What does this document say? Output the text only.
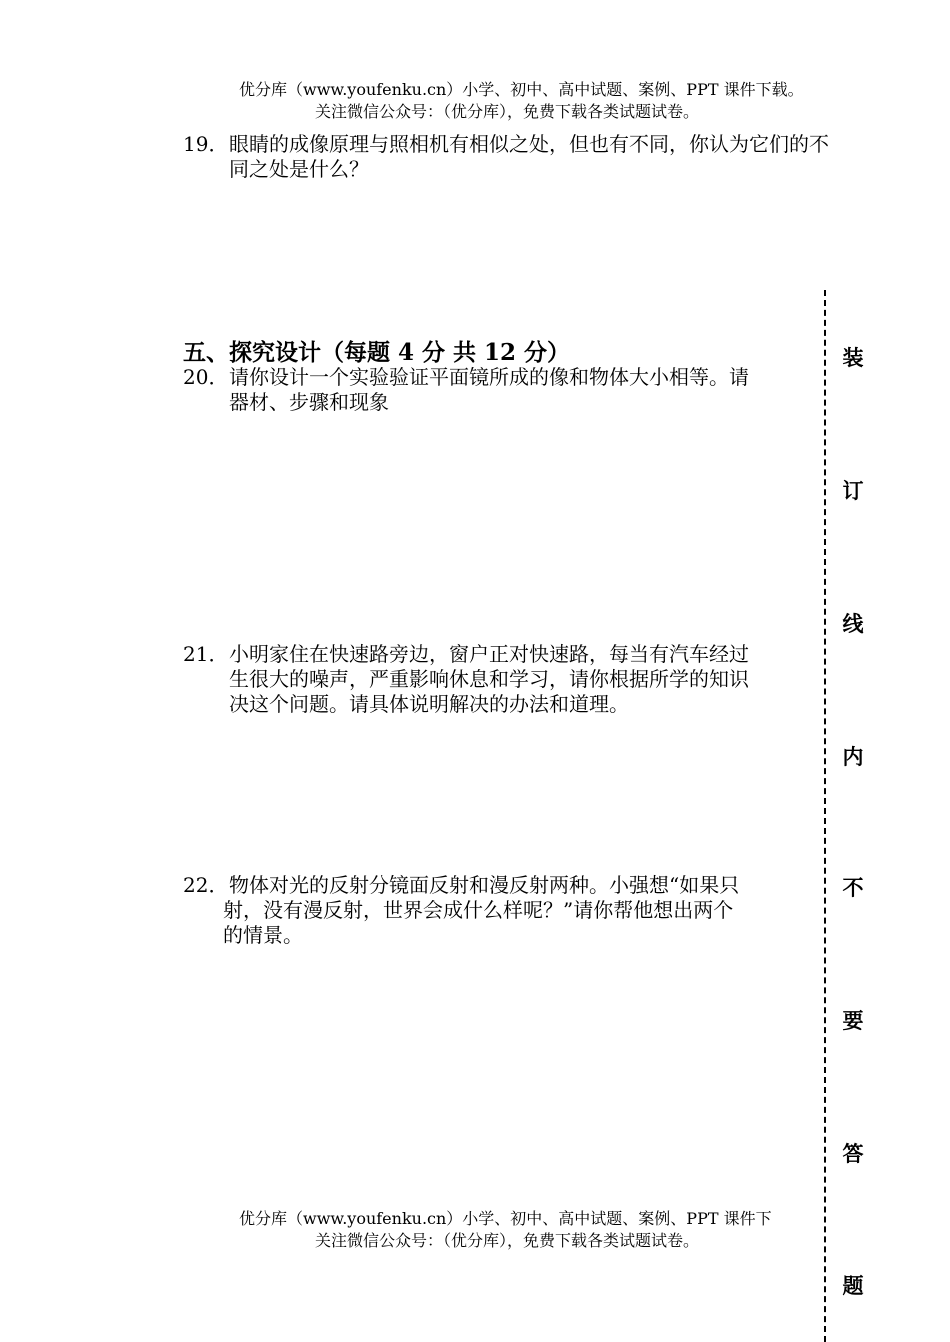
优分库（www.youfenku.cn）小学、初中、高中试题、案例、PPT 课件下载。
关注微信公众号：（优分库），免费下载各类试题试卷。
19． 眼睛的成像原理与照相机有相似之处，但也有不同，你认为它们的不
同之处是什么？
五、探究设计（每题 4 分 共 12 分）
20． 请你设计一个实验验证平面镜所成的像和物体大小相等。请
器材、步骤和现象
21． 小明家住在快速路旁边，窗户正对快速路，每当有汽车经过
生很大的噪声，严重影响休息和学习，请你根据所学的知识
决这个问题。请具体说明解决的办法和道理。
22． 物体对光的反射分镜面反射和漫反射两种。小强想“如果只
射，没有漫反射，世界会成什么样呢？”请你帮他想出两个
的情景。
优分库（www.youfenku.cn）小学、初中、高中试题、案例、PPT 课件下
关注微信公众号：（优分库），免费下载各类试题试卷。
装
订
线
内
不
要
答
题
